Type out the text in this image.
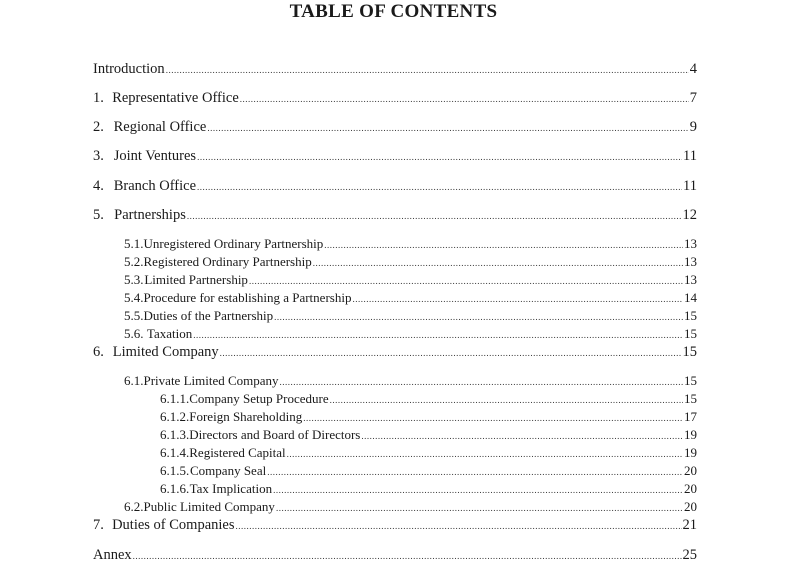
TABLE OF CONTENTS
Introduction .....	4
1. Representative Office .....	7
2. Regional Office .....	9
3. Joint Ventures .....	11
4. Branch Office .....	11
5. Partnerships .....	12
5.1. Unregistered Ordinary Partnership .....	13
5.2. Registered Ordinary Partnership .....	13
5.3. Limited Partnership .....	13
5.4. Procedure for establishing a Partnership .....	14
5.5. Duties of the Partnership .....	15
5.6. Taxation .....	15
6. Limited Company .....	15
6.1. Private Limited Company .....	15
6.1.1. Company Setup Procedure .....	15
6.1.2. Foreign Shareholding .....	17
6.1.3. Directors and Board of Directors .....	19
6.1.4. Registered Capital .....	19
6.1.5. Company Seal .....	20
6.1.6. Tax Implication .....	20
6.2. Public Limited Company .....	20
7. Duties of Companies .....	21
Annex .....	25
